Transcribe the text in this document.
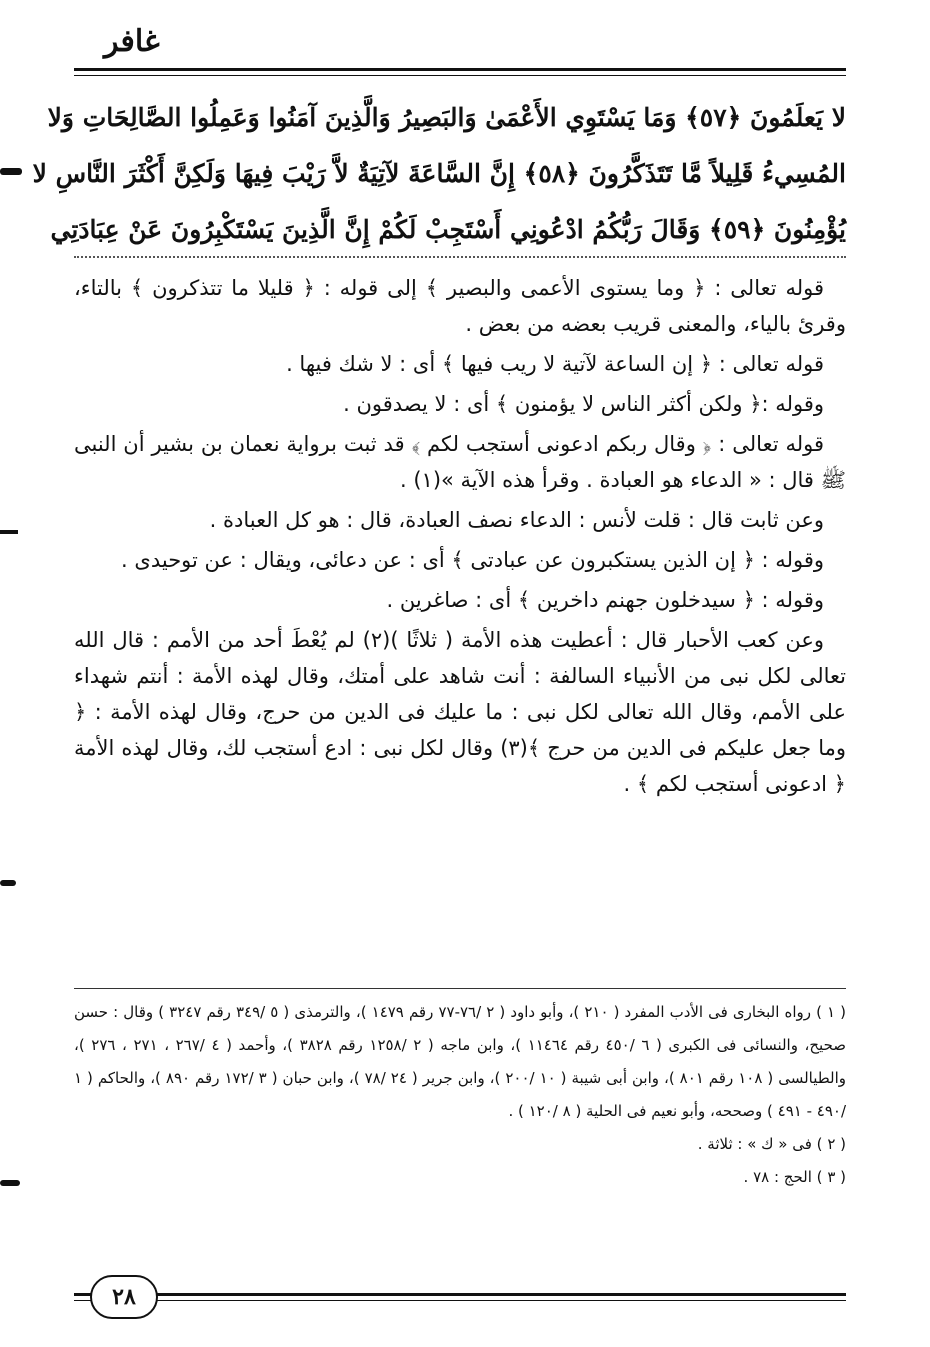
غافر
لا يَعلَمُونَ ﴿٥٧﴾ وَمَا يَسْتَوِي الأَعْمَىٰ وَالبَصِيرُ وَالَّذِينَ آمَنُوا وَعَمِلُوا الصَّالِحَاتِ وَلا
المُسِيءُ قَلِيلاً مَّا تَتَذَكَّرُونَ ﴿٥٨﴾ إِنَّ السَّاعَةَ لآتِيَةٌ لاَّ رَيْبَ فِيهَا وَلَكِنَّ أَكْثَرَ النَّاسِ لا
يُؤْمِنُونَ ﴿٥٩﴾ وَقَالَ رَبُّكُمُ ادْعُونِي أَسْتَجِبْ لَكُمْ إِنَّ الَّذِينَ يَسْتَكْبِرُونَ عَنْ عِبَادَتِي

قوله تعالى : ﴿ وما يستوى الأعمى والبصير ﴾ إلى قوله : ﴿ قليلا ما تتذكرون ﴾ بالتاء، وقرئ بالياء، والمعنى قريب بعضه من بعض .

قوله تعالى : ﴿ إن الساعة لآتية لا ريب فيها ﴾ أى : لا شك فيها .

وقوله :﴿ ولكن أكثر الناس لا يؤمنون ﴾ أى : لا يصدقون .

قوله تعالى : ﴿ وقال ربكم ادعونى أستجب لكم ﴾ قد ثبت برواية نعمان بن بشير أن النبى ﷺ قال : « الدعاء هو العبادة . وقرأ هذه الآية »(١) .

وعن ثابت قال : قلت لأنس : الدعاء نصف العبادة، قال : هو كل العبادة .

وقوله : ﴿ إن الذين يستكبرون عن عبادتى ﴾ أى : عن دعائى، ويقال : عن توحيدى .

وقوله : ﴿ سيدخلون جهنم داخرين ﴾ أى : صاغرين .

وعن كعب الأحبار قال : أعطيت هذه الأمة ( ثلاثًا )(٢) لم يُعْطَ أحد من الأمم : قال الله تعالى لكل نبى من الأنبياء السالفة : أنت شاهد على أمتك، وقال لهذه الأمة : أنتم شهداء على الأمم، وقال الله تعالى لكل نبى : ما عليك فى الدين من حرج، وقال لهذه الأمة : ﴿ وما جعل عليكم فى الدين من حرج ﴾(٣) وقال لكل نبى : ادع أستجب لك، وقال لهذه الأمة ﴿ ادعونى أستجب لكم ﴾ .

( ١ ) رواه البخارى فى الأدب المفرد ( ٢١٠ )، وأبو داود ( ٢ /٧٦-٧٧ رقم ١٤٧٩ )، والترمذى ( ٥ /٣٤٩ رقم ٣٢٤٧ ) وقال : حسن صحيح، والنسائى فى الكبرى ( ٦ /٤٥٠ رقم ١١٤٦٤ )، وابن ماجه ( ٢ /١٢٥٨ رقم ٣٨٢٨ )، وأحمد ( ٤ /٢٦٧ ، ٢٧١ ، ٢٧٦ )، والطيالسى ( ١٠٨ رقم ٨٠١ )، وابن أبى شيبة ( ١٠ /٢٠٠ )، وابن جرير ( ٢٤ /٧٨ )، وابن حبان ( ٣ /١٧٢ رقم ٨٩٠ )، والحاكم ( ١ /٤٩٠ - ٤٩١ ) وصححه، وأبو نعيم فى الحلية ( ٨ /١٢٠ ) .

( ٢ ) فى « ك » : ثلاثة .

( ٣ ) الحج : ٧٨ .

٢٨
